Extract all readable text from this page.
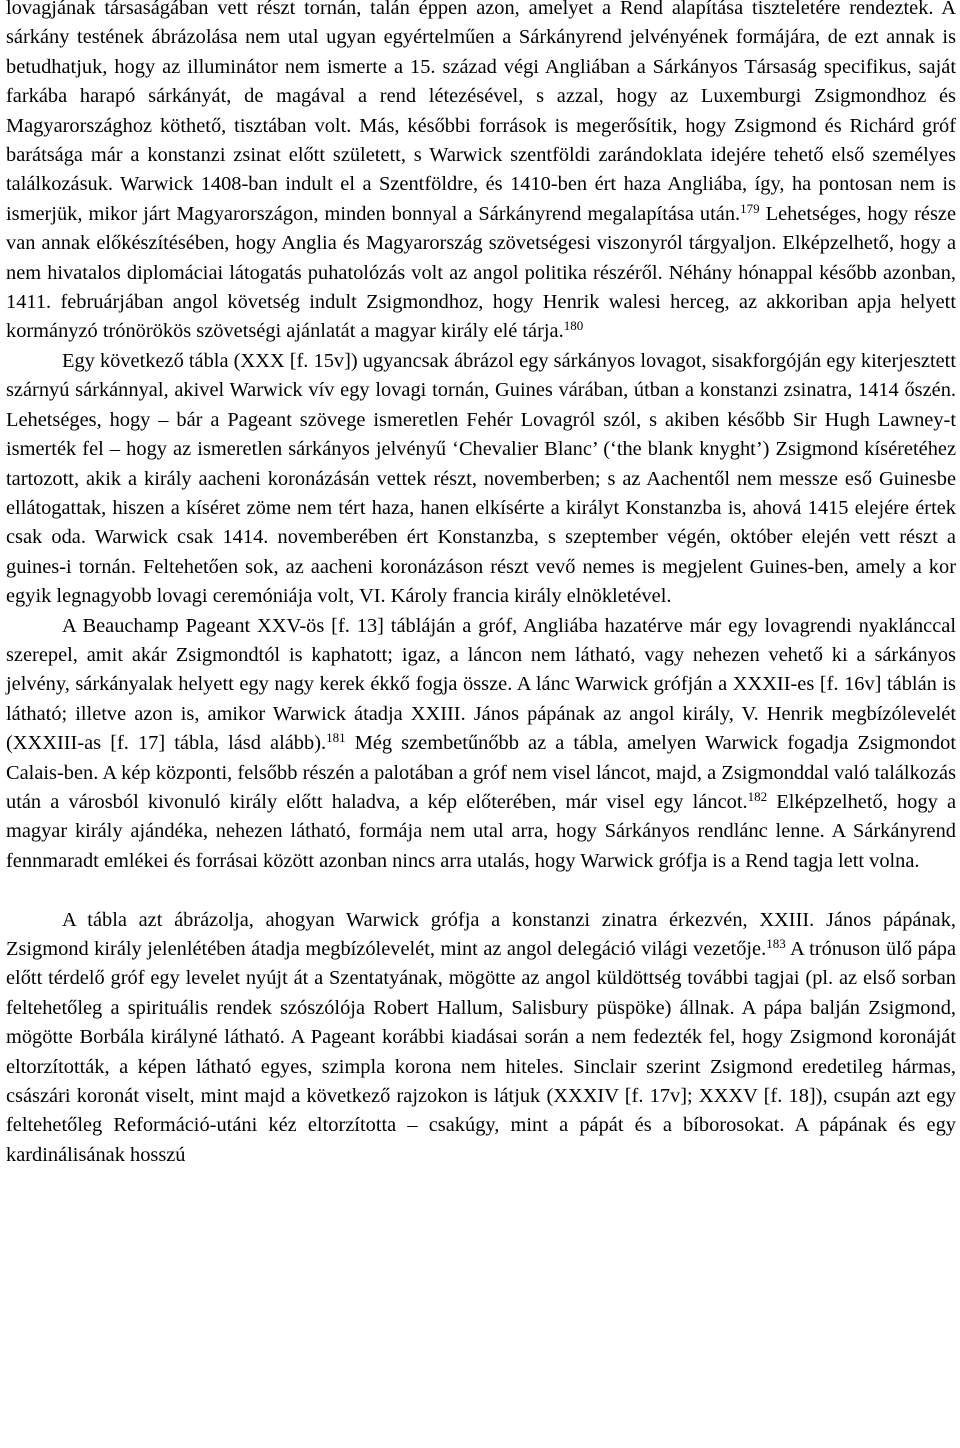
lovagjának társaságában vett részt tornán, talán éppen azon, amelyet a Rend alapítása tiszteletére rendeztek. A sárkány testének ábrázolása nem utal ugyan egyértelműen a Sárkányrend jelvényének formájára, de ezt annak is betudhatjuk, hogy az illuminátor nem ismerte a 15. század végi Angliában a Sárkányos Társaság specifikus, saját farkába harapó sárkányát, de magával a rend létezésével, s azzal, hogy az Luxemburgi Zsigmondhoz és Magyarországhoz köthető, tisztában volt. Más, későbbi források is megerősítik, hogy Zsigmond és Richárd gróf barátsága már a konstanzi zsinat előtt született, s Warwick szentföldi zarándoklata idejére tehető első személyes találkozásuk. Warwick 1408-ban indult el a Szentföldre, és 1410-ben ért haza Angliába, így, ha pontosan nem is ismerjük, mikor járt Magyarországon, minden bonnyal a Sárkányrend megalapítása után.$^{179}$ Lehetséges, hogy része van annak előkészítésében, hogy Anglia és Magyarország szövetségesi viszonyról tárgyaljon. Elképzelhető, hogy a nem hivatalos diplomáciai látogatás puhatolózás volt az angol politika részéről. Néhány hónappal később azonban, 1411. februárjában angol követség indult Zsigmondhoz, hogy Henrik walesi herceg, az akkoriban apja helyett kormányzó trónörökös szövetségi ajánlatát a magyar király elé tárja.$^{180}$

Egy következő tábla (XXX [f. 15v]) ugyancsak ábrázol egy sárkányos lovagot, sisakforgóján egy kiterjesztett szárnyú sárkánnyal, akivel Warwick vív egy lovagi tornán, Guines várában, útban a konstanzi zsinatra, 1414 őszén. Lehetséges, hogy – bár a Pageant szövege ismeretlen Fehér Lovagról szól, s akiben később Sir Hugh Lawney-t ismerték fel – hogy az ismeretlen sárkányos jelvényű ‘Chevalier Blanc’ (‘the blank knyght’) Zsigmond kíséretéhez tartozott, akik a király aacheni koronázásán vettek részt, novemberben; s az Aachentől nem messze eső Guinesbe ellátogattak, hiszen a kíséret zöme nem tért haza, hanen elkísérte a királyt Konstanzba is, ahová 1415 elejére értek csak oda. Warwick csak 1414. novemberében ért Konstanzba, s szeptember végén, október elején vett részt a guines-i tornán. Feltehetően sok, az aacheni koronázáson részt vevő nemes is megjelent Guines-ben, amely a kor egyik legnagyobb lovagi ceremóniája volt, VI. Károly francia király elnökletével.

A Beauchamp Pageant XXV-ös [f. 13] tábláján a gróf, Angliába hazatérve már egy lovagrendi nyaklánccal szerepel, amit akár Zsigmondtól is kaphatott; igaz, a láncon nem látható, vagy nehezen vehető ki a sárkányos jelvény, sárkányalak helyett egy nagy kerek ékkő fogja össze. A lánc Warwick grófján a XXXII-es [f. 16v] táblán is látható; illetve azon is, amikor Warwick átadja XXIII. János pápának az angol király, V. Henrik megbízólevelét (XXXIII-as [f. 17] tábla, lásd alább).$^{181}$ Még szembetűnőbb az a tábla, amelyen Warwick fogadja Zsigmondot Calais-ben. A kép központi, felsőbb részén a palotában a gróf nem visel láncot, majd, a Zsigmonddal való találkozás után a városból kivonuló király előtt haladva, a kép előterében, már visel egy láncot.$^{182}$ Elképzelhető, hogy a magyar király ajándéka, nehezen látható, formája nem utal arra, hogy Sárkányos rendlánc lenne. A Sárkányrend fennmaradt emlékei és forrásai között azonban nincs arra utalás, hogy Warwick grófja is a Rend tagja lett volna.

A tábla azt ábrázolja, ahogyan Warwick grófja a konstanzi zinatra érkezvén, XXIII. János pápának, Zsigmond király jelenlétében átadja megbízólevelét, mint az angol delegáció világi vezetője.$^{183}$ A trónuson ülő pápa előtt térdelő gróf egy levelet nyújt át a Szentatyának, mögötte az angol küldöttség további tagjai (pl. az első sorban feltehetőleg a spirituális rendek szószólója Robert Hallum, Salisbury püspöke) állnak. A pápa balján Zsigmond, mögötte Borbála királyné látható. A Pageant korábbi kiadásai során a nem fedezték fel, hogy Zsigmond koronáját eltorzították, a képen látható egyes, szimpla korona nem hiteles. Sinclair szerint Zsigmond eredetileg hármas, császári koronát viselt, mint majd a következő rajzokon is látjuk (XXXIV [f. 17v]; XXXV [f. 18]), csupán azt egy feltehetőleg Reformáció-utáni kéz eltorzította – csakúgy, mint a pápát és a bíborosokat. A pápának és egy kardinálisának hosszú
